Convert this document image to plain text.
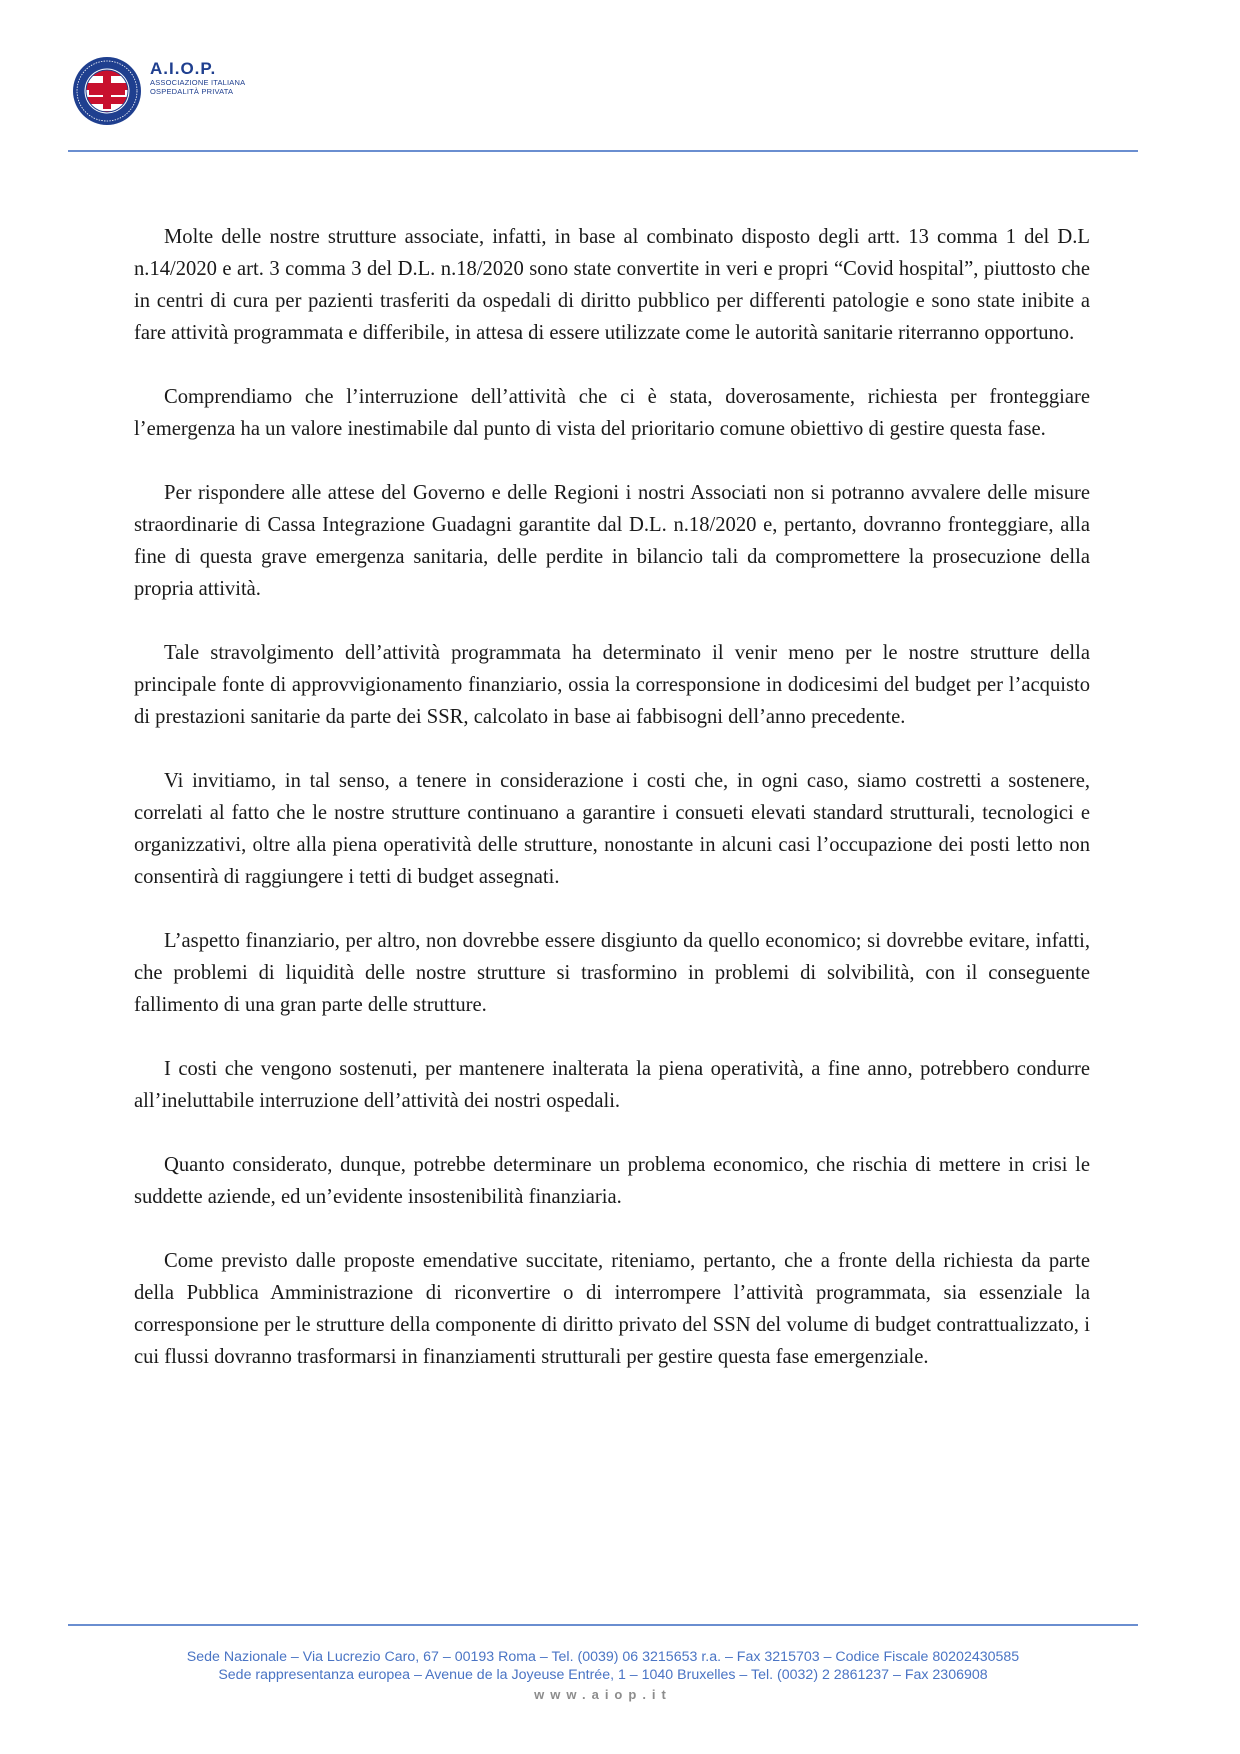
A.I.O.P.
ASSOCIAZIONE ITALIANA
OSPEDALITÀ PRIVATA

Molte delle nostre strutture associate, infatti, in base al combinato disposto degli artt. 13 comma 1 del D.L n.14/2020 e art. 3 comma 3 del D.L. n.18/2020 sono state convertite in veri e propri “Covid hospital”, piuttosto che in centri di cura per pazienti trasferiti da ospedali di diritto pubblico per differenti patologie e sono state inibite a fare attività programmata e differibile, in attesa di essere utilizzate come le autorità sanitarie riterranno opportuno.

Comprendiamo che l’interruzione dell’attività che ci è stata, doverosamente, richiesta per fronteggiare l’emergenza ha un valore inestimabile dal punto di vista del prioritario comune obiettivo di gestire questa fase.

Per rispondere alle attese del Governo e delle Regioni i nostri Associati non si potranno avvalere delle misure straordinarie di Cassa Integrazione Guadagni garantite dal D.L. n.18/2020 e, pertanto, dovranno fronteggiare, alla fine di questa grave emergenza sanitaria, delle perdite in bilancio tali da compromettere la prosecuzione della propria attività.

Tale stravolgimento dell’attività programmata ha determinato il venir meno per le nostre strutture della principale fonte di approvvigionamento finanziario, ossia la corresponsione in dodicesimi del budget per l’acquisto di prestazioni sanitarie da parte dei SSR, calcolato in base ai fabbisogni dell’anno precedente.

Vi invitiamo, in tal senso, a tenere in considerazione i costi che, in ogni caso, siamo costretti a sostenere, correlati al fatto che le nostre strutture continuano a garantire i consueti elevati standard strutturali, tecnologici e organizzativi, oltre alla piena operatività delle strutture, nonostante in alcuni casi l’occupazione dei posti letto non consentirà di raggiungere i tetti di budget assegnati.

L’aspetto finanziario, per altro, non dovrebbe essere disgiunto da quello economico; si dovrebbe evitare, infatti, che problemi di liquidità delle nostre strutture si trasformino in problemi di solvibilità, con il conseguente fallimento di una gran parte delle strutture.

I costi che vengono sostenuti, per mantenere inalterata la piena operatività, a fine anno, potrebbero condurre all’ineluttabile interruzione dell’attività dei nostri ospedali.

Quanto considerato, dunque, potrebbe determinare un problema economico, che rischia di mettere in crisi le suddette aziende, ed un’evidente insostenibilità finanziaria.

Come previsto dalle proposte emendative succitate, riteniamo, pertanto, che a fronte della richiesta da parte della Pubblica Amministrazione di riconvertire o di interrompere l’attività programmata, sia essenziale la corresponsione per le strutture della componente di diritto privato del SSN del volume di budget contrattualizzato, i cui flussi dovranno trasformarsi in finanziamenti strutturali per gestire questa fase emergenziale.

Sede Nazionale – Via Lucrezio Caro, 67 – 00193 Roma – Tel. (0039) 06 3215653 r.a. – Fax 3215703 – Codice Fiscale 80202430585
Sede rappresentanza europea – Avenue de la Joyeuse Entrée, 1 – 1040 Bruxelles – Tel. (0032) 2 2861237 – Fax 2306908
www.aiop.it
